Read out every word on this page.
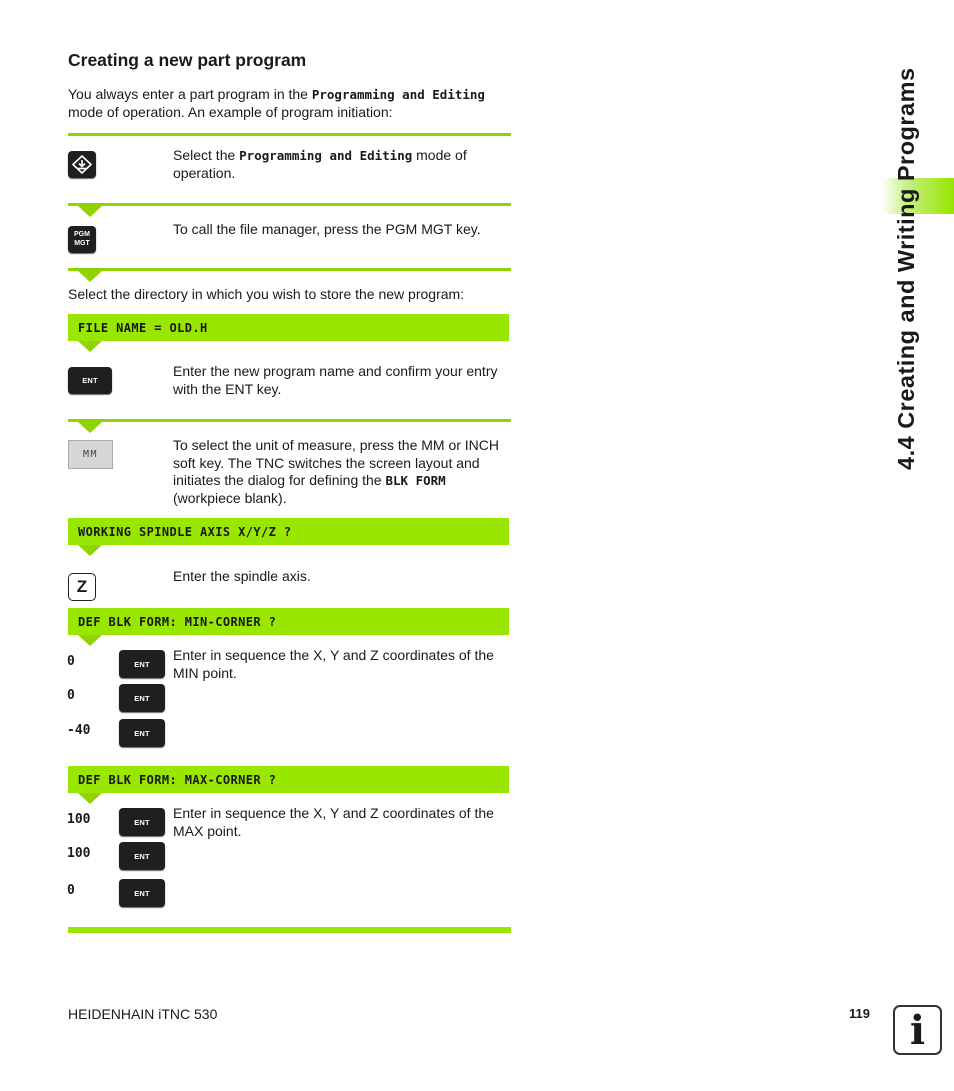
Creating a new part program
You always enter a part program in the Programming and Editing
mode of operation. An example of program initiation:
Select the Programming and Editing mode of operation.
PGM
MGT
To call the file manager, press the PGM MGT key.
Select the directory in which you wish to store the new program:
FILE NAME = OLD.H
ENT
Enter the new program name and confirm your entry with the ENT key.
MM
To select the unit of measure, press the MM or INCH soft key. The TNC switches the screen layout and initiates the dialog for defining the BLK FORM (workpiece blank).
WORKING SPINDLE AXIS X/Y/Z ?
Z
Enter the spindle axis.
DEF BLK FORM: MIN-CORNER ?
0	ENT
0	ENT
-40	ENT
Enter in sequence the X, Y and Z coordinates of the MIN point.
DEF BLK FORM: MAX-CORNER ?
100	ENT
100	ENT
0	ENT
Enter in sequence the X, Y and Z coordinates of the MAX point.
4.4 Creating and Writing Programs
HEIDENHAIN iTNC 530	119 i
